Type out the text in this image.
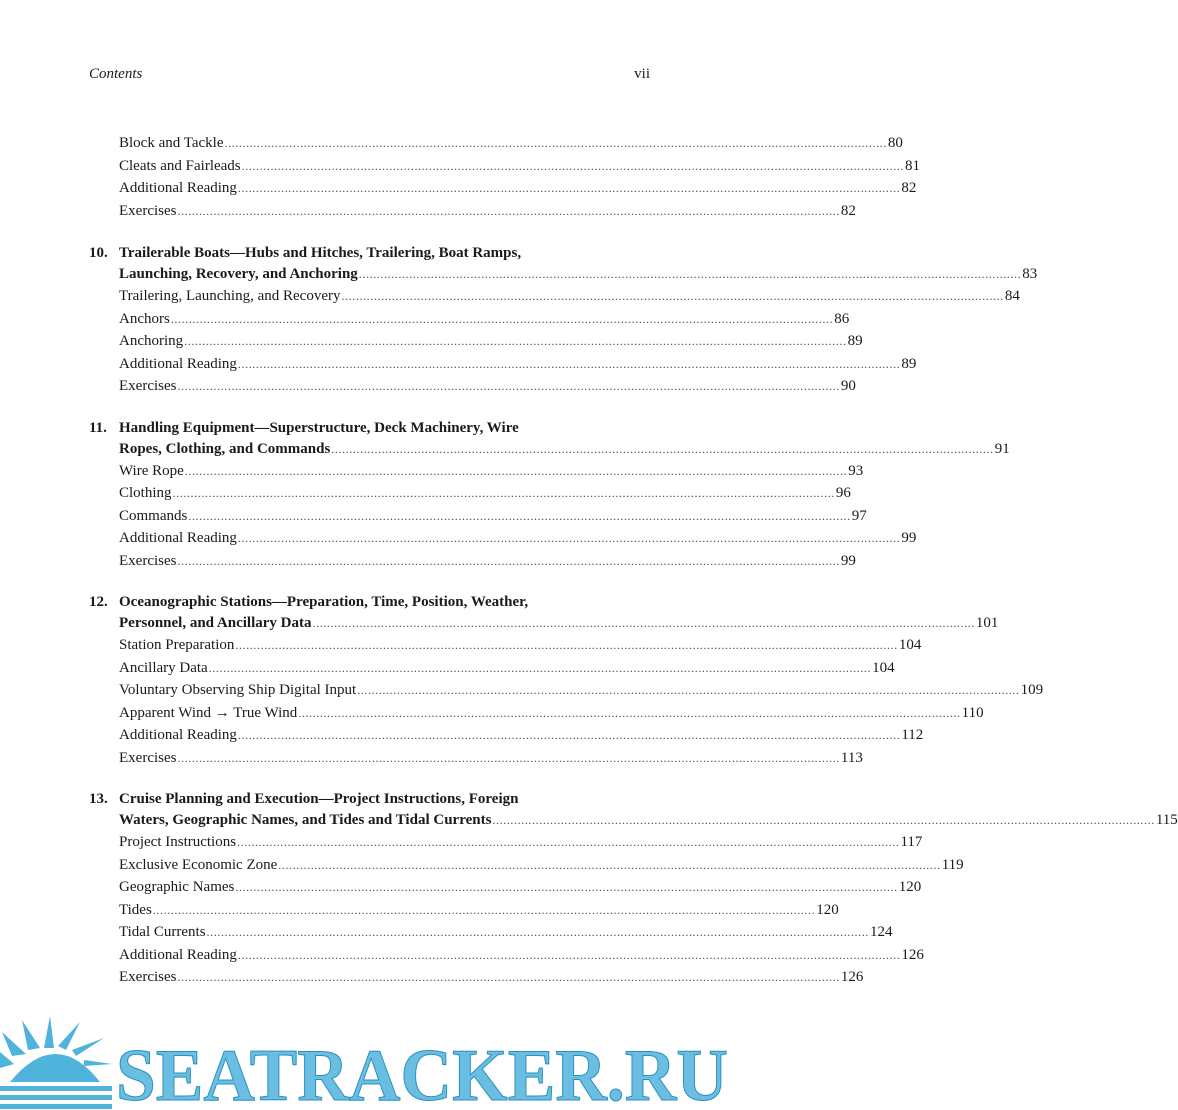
Contents	vii
Block and Tackle ........................................................................................................................................................................................ 80
Cleats and Fairleads ........................................................................................................................................................................................ 81
Additional Reading ........................................................................................................................................................................................ 82
Exercises ........................................................................................................................................................................................ 82
10. Trailerable Boats—Hubs and Hitches, Trailering, Boat Ramps,
Launching, Recovery, and Anchoring ........................................................................................................................................................................................ 83
Trailering, Launching, and Recovery ........................................................................................................................................................................................ 84
Anchors ........................................................................................................................................................................................ 86
Anchoring ........................................................................................................................................................................................ 89
Additional Reading ........................................................................................................................................................................................ 89
Exercises ........................................................................................................................................................................................ 90
11. Handling Equipment—Superstructure, Deck Machinery, Wire
Ropes, Clothing, and Commands ........................................................................................................................................................................................ 91
Wire Rope ........................................................................................................................................................................................ 93
Clothing ........................................................................................................................................................................................ 96
Commands ........................................................................................................................................................................................ 97
Additional Reading ........................................................................................................................................................................................ 99
Exercises ........................................................................................................................................................................................ 99
12. Oceanographic Stations—Preparation, Time, Position, Weather,
Personnel, and Ancillary Data ........................................................................................................................................................................................ 101
Station Preparation ........................................................................................................................................................................................ 104
Ancillary Data ........................................................................................................................................................................................ 104
Voluntary Observing Ship Digital Input ........................................................................................................................................................................................ 109
Apparent Wind → True Wind ........................................................................................................................................................................................ 110
Additional Reading ........................................................................................................................................................................................ 112
Exercises ........................................................................................................................................................................................ 113
13. Cruise Planning and Execution—Project Instructions, Foreign
Waters, Geographic Names, and Tides and Tidal Currents ........................................................................................................................................................................................ 115
Project Instructions ........................................................................................................................................................................................ 117
Exclusive Economic Zone ........................................................................................................................................................................................ 119
Geographic Names ........................................................................................................................................................................................ 120
Tides ........................................................................................................................................................................................ 120
Tidal Currents ........................................................................................................................................................................................ 124
Additional Reading ........................................................................................................................................................................................ 126
Exercises ........................................................................................................................................................................................ 126
SEATRACKER.RU
